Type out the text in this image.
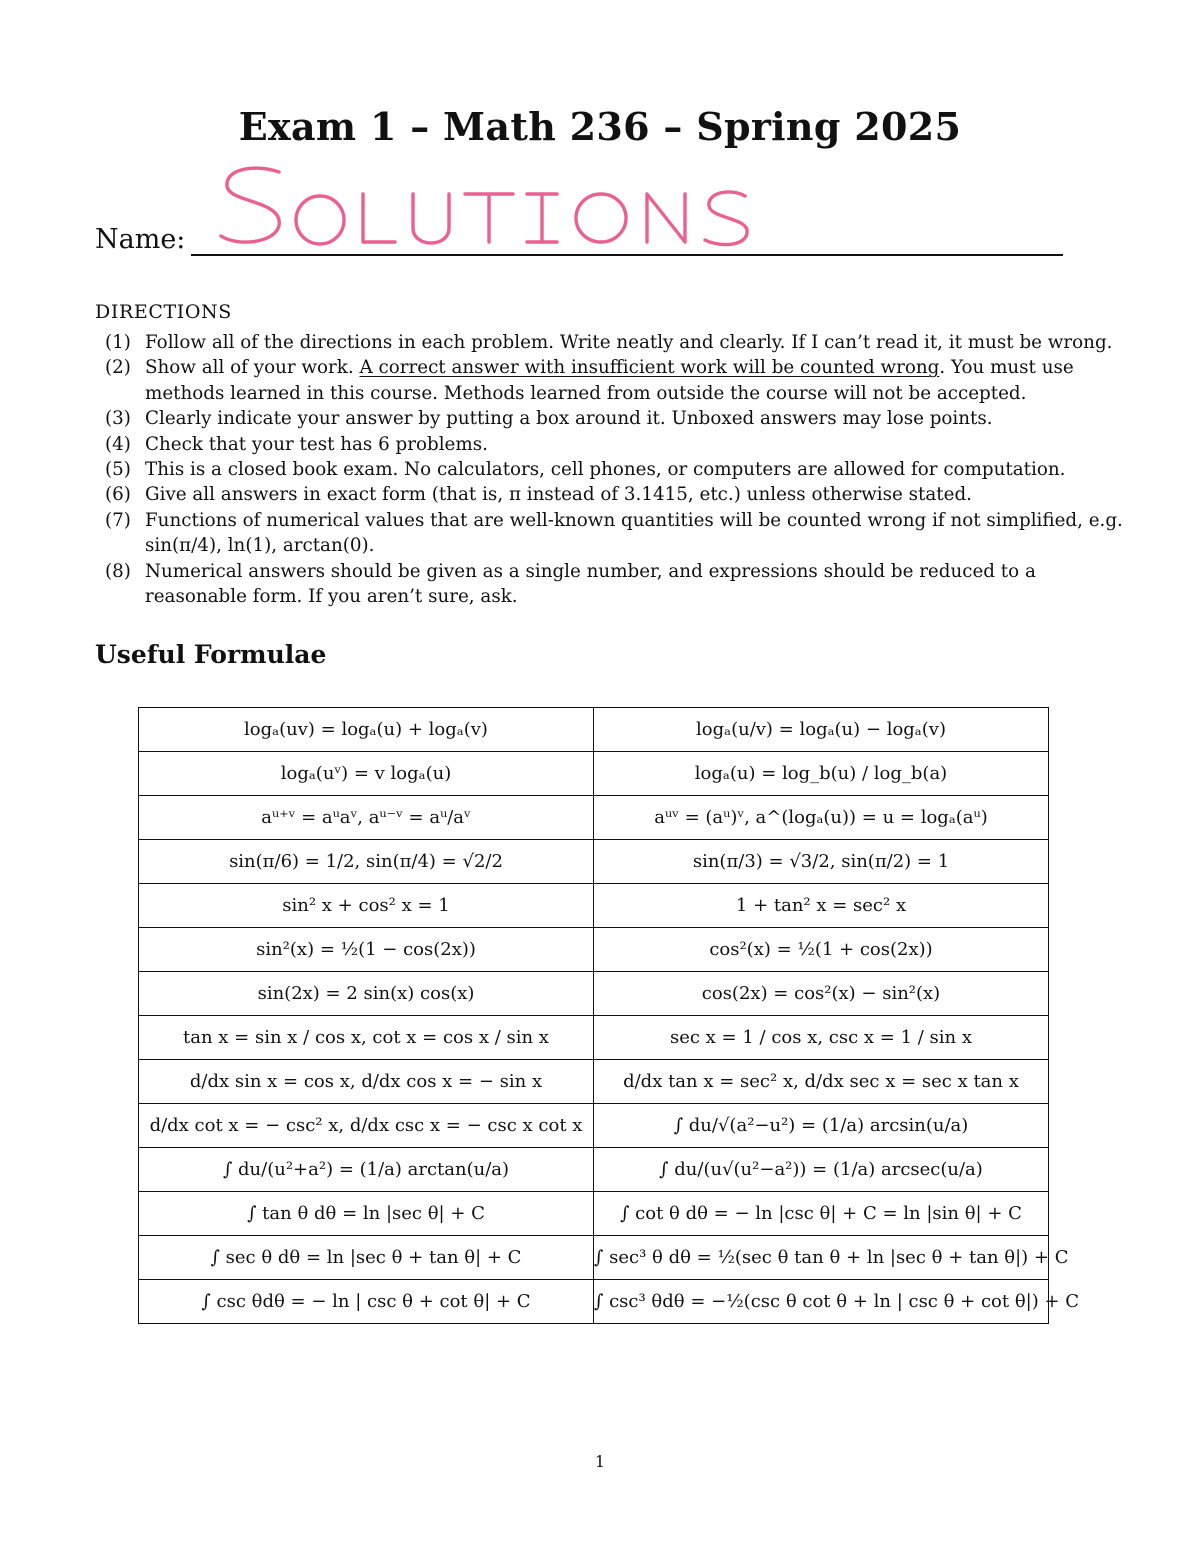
Exam 1 – Math 236 – Spring 2025
Name:
DIRECTIONS
(1) Follow all of the directions in each problem. Write neatly and clearly. If I can’t read it, it must be wrong.
(2) Show all of your work. A correct answer with insufficient work will be counted wrong. You must use methods learned in this course. Methods learned from outside the course will not be accepted.
(3) Clearly indicate your answer by putting a box around it. Unboxed answers may lose points.
(4) Check that your test has 6 problems.
(5) This is a closed book exam. No calculators, cell phones, or computers are allowed for computation.
(6) Give all answers in exact form (that is, π instead of 3.1415, etc.) unless otherwise stated.
(7) Functions of numerical values that are well-known quantities will be counted wrong if not simplified, e.g. sin(π/4), ln(1), arctan(0).
(8) Numerical answers should be given as a single number, and expressions should be reduced to a reasonable form. If you aren’t sure, ask.
Useful Formulae
logₐ(uv) = logₐ(u) + logₐ(v)	logₐ(u/v) = logₐ(u) − logₐ(v)
logₐ(uᵛ) = v logₐ(u)	logₐ(u) = log_b(u) / log_b(a)
aᵘ⁺ᵛ = aᵘaᵛ, aᵘ⁻ᵛ = aᵘ/aᵛ	aᵘᵛ = (aᵘ)ᵛ, a^(logₐ(u)) = u = logₐ(aᵘ)
sin(π/6) = 1/2, sin(π/4) = √2/2	sin(π/3) = √3/2, sin(π/2) = 1
sin² x + cos² x = 1	1 + tan² x = sec² x
sin²(x) = ½(1 − cos(2x))	cos²(x) = ½(1 + cos(2x))
sin(2x) = 2 sin(x) cos(x)	cos(2x) = cos²(x) − sin²(x)
tan x = sin x / cos x, cot x = cos x / sin x	sec x = 1 / cos x, csc x = 1 / sin x
d/dx sin x = cos x, d/dx cos x = − sin x	d/dx tan x = sec² x, d/dx sec x = sec x tan x
d/dx cot x = − csc² x, d/dx csc x = − csc x cot x	∫ du/√(a²−u²) = (1/a) arcsin(u/a)
∫ du/(u²+a²) = (1/a) arctan(u/a)	∫ du/(u√(u²−a²)) = (1/a) arcsec(u/a)
∫ tan θ dθ = ln |sec θ| + C	∫ cot θ dθ = − ln |csc θ| + C = ln |sin θ| + C
∫ sec θ dθ = ln |sec θ + tan θ| + C	∫ sec³ θ dθ = ½(sec θ tan θ + ln |sec θ + tan θ|) + C
∫ csc θdθ = − ln | csc θ + cot θ| + C	∫ csc³ θdθ = −½(csc θ cot θ + ln | csc θ + cot θ|) + C
1
